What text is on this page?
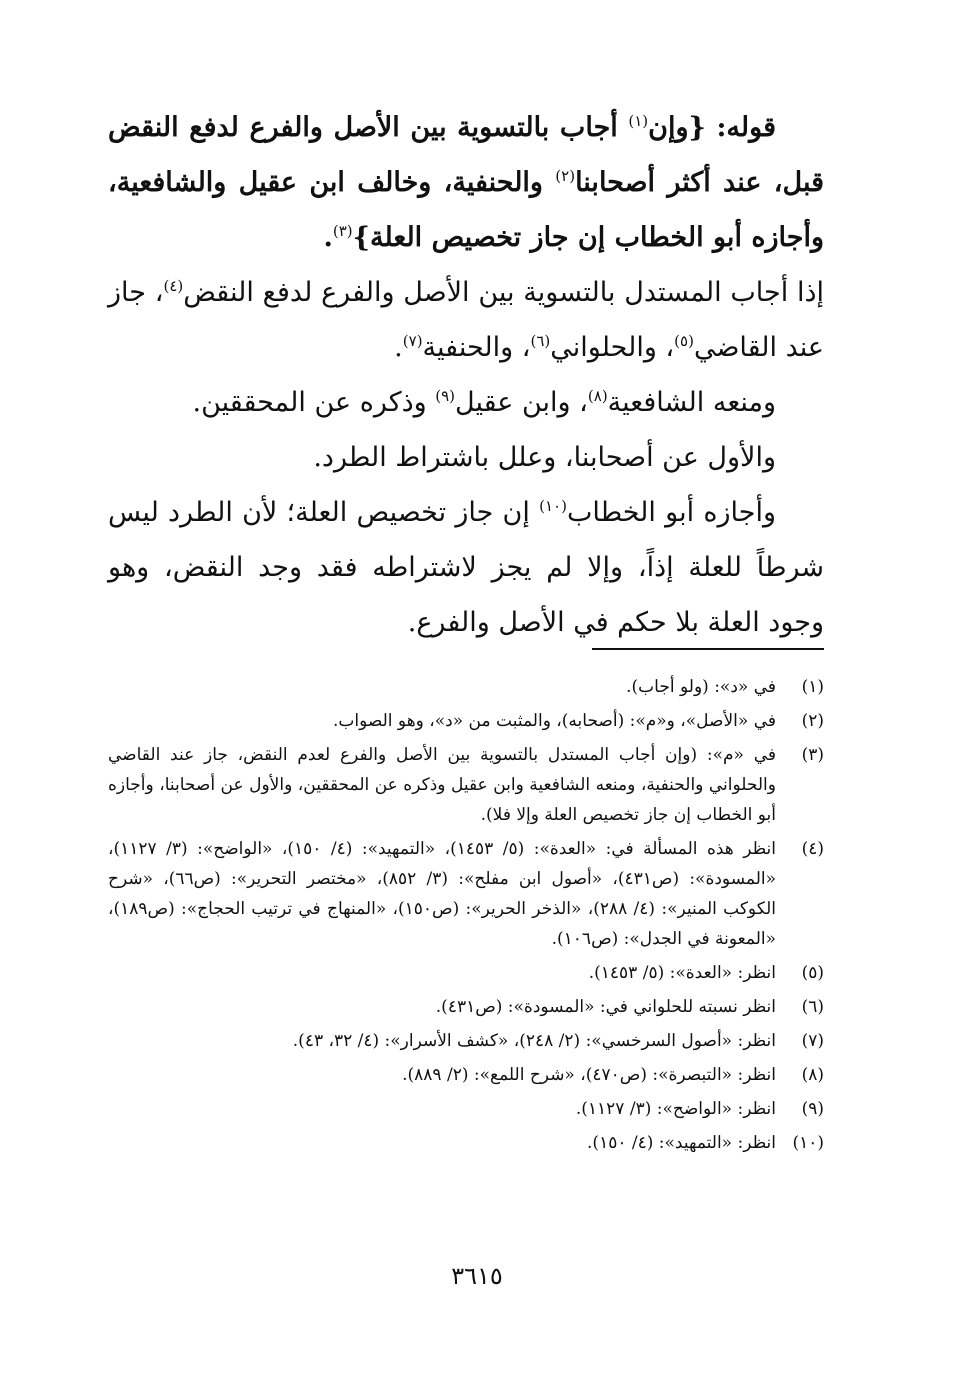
قوله: {وإن$^{(١)}$ أجاب بالتسوية بين الأصل والفرع لدفع النقض قبل، عند أكثر أصحابنا$^{(٢)}$ والحنفية، وخالف ابن عقيل والشافعية، وأجازه أبو الخطاب إن جاز تخصيص العلة}$^{(٣)}$.

إذا أجاب المستدل بالتسوية بين الأصل والفرع لدفع النقض$^{(٤)}$، جاز عند القاضي$^{(٥)}$، والحلواني$^{(٦)}$، والحنفية$^{(٧)}$.

ومنعه الشافعية$^{(٨)}$، وابن عقيل$^{(٩)}$ وذكره عن المحققين.

والأول عن أصحابنا، وعلل باشتراط الطرد.

وأجازه أبو الخطاب$^{(١٠)}$ إن جاز تخصيص العلة؛ لأن الطرد ليس شرطاً للعلة إذاً، وإلا لم يجز لاشتراطه فقد وجد النقض، وهو وجود العلة بلا حكم في الأصل والفرع.

(١)
في «د»: (ولو أجاب).
(٢)
في «الأصل»، و«م»: (أصحابه)، والمثبت من «د»، وهو الصواب.
(٣)
في «م»: (وإن أجاب المستدل بالتسوية بين الأصل والفرع لعدم النقض، جاز عند القاضي والحلواني والحنفية، ومنعه الشافعية وابن عقيل وذكره عن المحققين، والأول عن أصحابنا، وأجازه أبو الخطاب إن جاز تخصيص العلة وإلا فلا).
(٤)
انظر هذه المسألة في: «العدة»: (٥/ ١٤٥٣)، «التمهيد»: (٤/ ١٥٠)، «الواضح»: (٣/ ١١٢٧)، «المسودة»: (ص٤٣١)، «أصول ابن مفلح»: (٣/ ٨٥٢)، «مختصر التحرير»: (ص٦٦)، «شرح الكوكب المنير»: (٤/ ٢٨٨)، «الذخر الحرير»: (ص١٥٠)، «المنهاج في ترتيب الحجاج»: (ص١٨٩)، «المعونة في الجدل»: (ص١٠٦).
(٥)
انظر: «العدة»: (٥/ ١٤٥٣).
(٦)
انظر نسبته للحلواني في: «المسودة»: (ص٤٣١).
(٧)
انظر: «أصول السرخسي»: (٢/ ٢٤٨)، «كشف الأسرار»: (٤/ ٣٢، ٤٣).
(٨)
انظر: «التبصرة»: (ص٤٧٠)، «شرح اللمع»: (٢/ ٨٨٩).
(٩)
انظر: «الواضح»: (٣/ ١١٢٧).
(١٠)
انظر: «التمهيد»: (٤/ ١٥٠).
٣٦١٥
